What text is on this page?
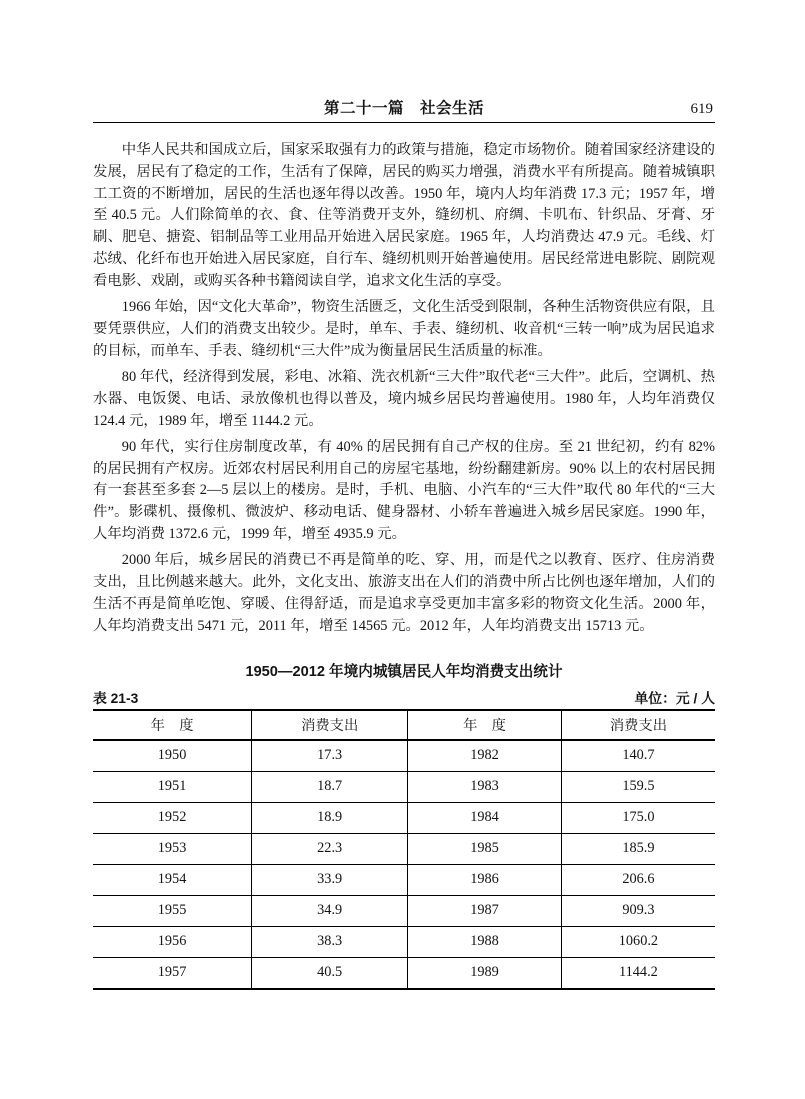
第二十一篇　社会生活	619

中华人民共和国成立后，国家采取强有力的政策与措施，稳定市场物价。随着国家经济建设的发展，居民有了稳定的工作，生活有了保障，居民的购买力增强，消费水平有所提高。随着城镇职工工资的不断增加，居民的生活也逐年得以改善。1950 年，境内人均年消费 17.3 元；1957 年，增至 40.5 元。人们除简单的衣、食、住等消费开支外，缝纫机、府绸、卡叽布、针织品、牙膏、牙刷、肥皂、搪瓷、铝制品等工业用品开始进入居民家庭。1965 年，人均消费达 47.9 元。毛线、灯芯绒、化纤布也开始进入居民家庭，自行车、缝纫机则开始普遍使用。居民经常进电影院、剧院观看电影、戏剧，或购买各种书籍阅读自学，追求文化生活的享受。

1966 年始，因“文化大革命”，物资生活匮乏，文化生活受到限制，各种生活物资供应有限，且要凭票供应，人们的消费支出较少。是时，单车、手表、缝纫机、收音机“三转一响”成为居民追求的目标，而单车、手表、缝纫机“三大件”成为衡量居民生活质量的标准。

80 年代，经济得到发展，彩电、冰箱、洗衣机新“三大件”取代老“三大件”。此后，空调机、热水器、电饭煲、电话、录放像机也得以普及，境内城乡居民均普遍使用。1980 年，人均年消费仅 124.4 元，1989 年，增至 1144.2 元。

90 年代，实行住房制度改革，有 40% 的居民拥有自己产权的住房。至 21 世纪初，约有 82% 的居民拥有产权房。近郊农村居民利用自己的房屋宅基地，纷纷翻建新房。90% 以上的农村居民拥有一套甚至多套 2—5 层以上的楼房。是时，手机、电脑、小汽车的“三大件”取代 80 年代的“三大件”。影碟机、摄像机、微波炉、移动电话、健身器材、小轿车普遍进入城乡居民家庭。1990 年，人年均消费 1372.6 元，1999 年，增至 4935.9 元。

2000 年后，城乡居民的消费已不再是简单的吃、穿、用，而是代之以教育、医疗、住房消费支出，且比例越来越大。此外，文化支出、旅游支出在人们的消费中所占比例也逐年增加，人们的生活不再是简单吃饱、穿暖、住得舒适，而是追求享受更加丰富多彩的物资文化生活。2000 年，人年均消费支出 5471 元，2011 年，增至 14565 元。2012 年，人年均消费支出 15713 元。

1950—2012 年境内城镇居民人年均消费支出统计
表 21-3	单位：元 / 人
年　度	消费支出	年　度	消费支出
1950	17.3	1982	140.7
1951	18.7	1983	159.5
1952	18.9	1984	175.0
1953	22.3	1985	185.9
1954	33.9	1986	206.6
1955	34.9	1987	909.3
1956	38.3	1988	1060.2
1957	40.5	1989	1144.2
